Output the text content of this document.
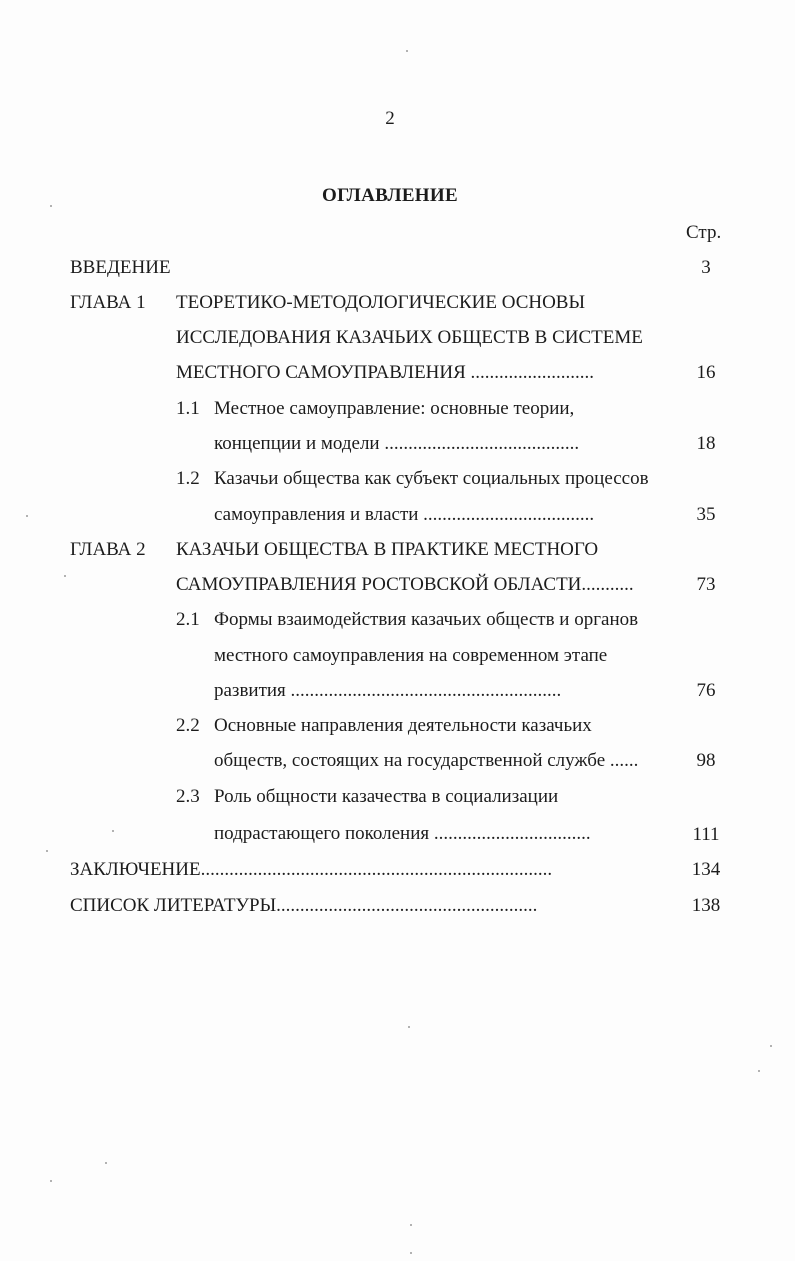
2
ОГЛАВЛЕНИЕ
Стр.
ВВЕДЕНИЕ	3
ГЛАВА 1 ТЕОРЕТИКО-МЕТОДОЛОГИЧЕСКИЕ ОСНОВЫ
ИССЛЕДОВАНИЯ КАЗАЧЬИХ ОБЩЕСТВ В СИСТЕМЕ
МЕСТНОГО САМОУПРАВЛЕНИЯ ..........................	16
1.1 Местное самоуправление: основные теории,
концепции и модели .........................................	18
1.2 Казачьи общества как субъект социальных процессов
самоуправления и власти ....................................	35
ГЛАВА 2 КАЗАЧЬИ ОБЩЕСТВА В ПРАКТИКЕ МЕСТНОГО
САМОУПРАВЛЕНИЯ РОСТОВСКОЙ ОБЛАСТИ...........	73
2.1 Формы взаимодействия казачьих обществ и органов
местного самоуправления на современном этапе
развития .........................................................	76
2.2 Основные направления деятельности казачьих
обществ, состоящих на государственной службе ......	98
2.3 Роль общности казачества в социализации
подрастающего поколения .................................	111
ЗАКЛЮЧЕНИЕ..........................................................................	134
СПИСОК ЛИТЕРАТУРЫ.......................................................	138
